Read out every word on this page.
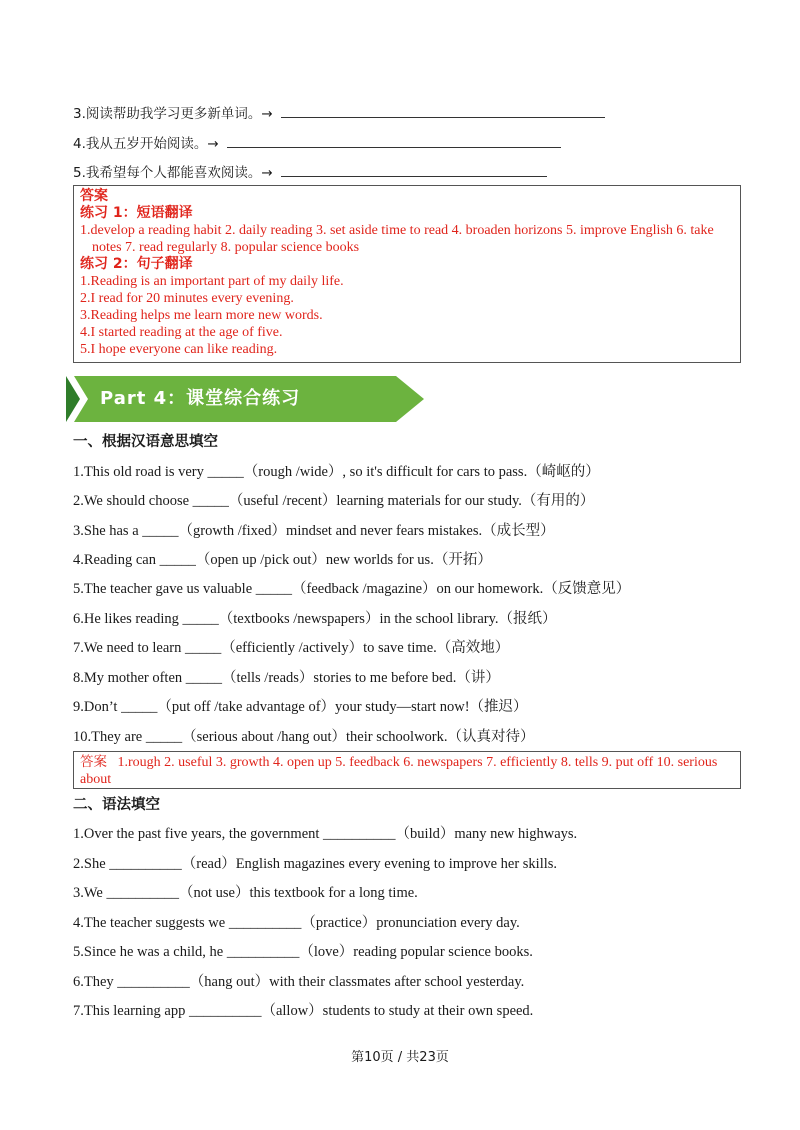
3.阅读帮助我学习更多新单词。→
4.我从五岁开始阅读。→
5.我希望每个人都能喜欢阅读。→
答案
练习 1：短语翻译
1.develop a reading habit 2. daily reading 3. set aside time to read 4. broaden horizons 5. improve English 6. take notes 7. read regularly 8. popular science books
练习 2：句子翻译
1.Reading is an important part of my daily life.
2.I read for 20 minutes every evening.
3.Reading helps me learn more new words.
4.I started reading at the age of five.
5.I hope everyone can like reading.
Part 4：课堂综合练习
一、根据汉语意思填空
1.This old road is very _____（rough /wide）, so it's difficult for cars to pass.（崎岖的）
2.We should choose _____（useful /recent）learning materials for our study.（有用的）
3.She has a _____（growth /fixed）mindset and never fears mistakes.（成长型）
4.Reading can _____（open up /pick out）new worlds for us.（开拓）
5.The teacher gave us valuable _____（feedback /magazine）on our homework.（反馈意见）
6.He likes reading _____（textbooks /newspapers）in the school library.（报纸）
7.We need to learn _____（efficiently /actively）to save time.（高效地）
8.My mother often _____（tells /reads）stories to me before bed.（讲）
9.Don’t _____（put off /take advantage of）your study—start now!（推迟）
10.They are _____（serious about /hang out）their schoolwork.（认真对待）
答案 1.rough 2. useful 3. growth 4. open up 5. feedback 6. newspapers 7. efficiently 8. tells 9. put off 10. serious about
二、语法填空
1.Over the past five years, the government __________（build）many new highways.
2.She __________（read）English magazines every evening to improve her skills.
3.We __________（not use）this textbook for a long time.
4.The teacher suggests we __________（practice）pronunciation every day.
5.Since he was a child, he __________（love）reading popular science books.
6.They __________（hang out）with their classmates after school yesterday.
7.This learning app __________（allow）students to study at their own speed.
第10页 / 共23页
